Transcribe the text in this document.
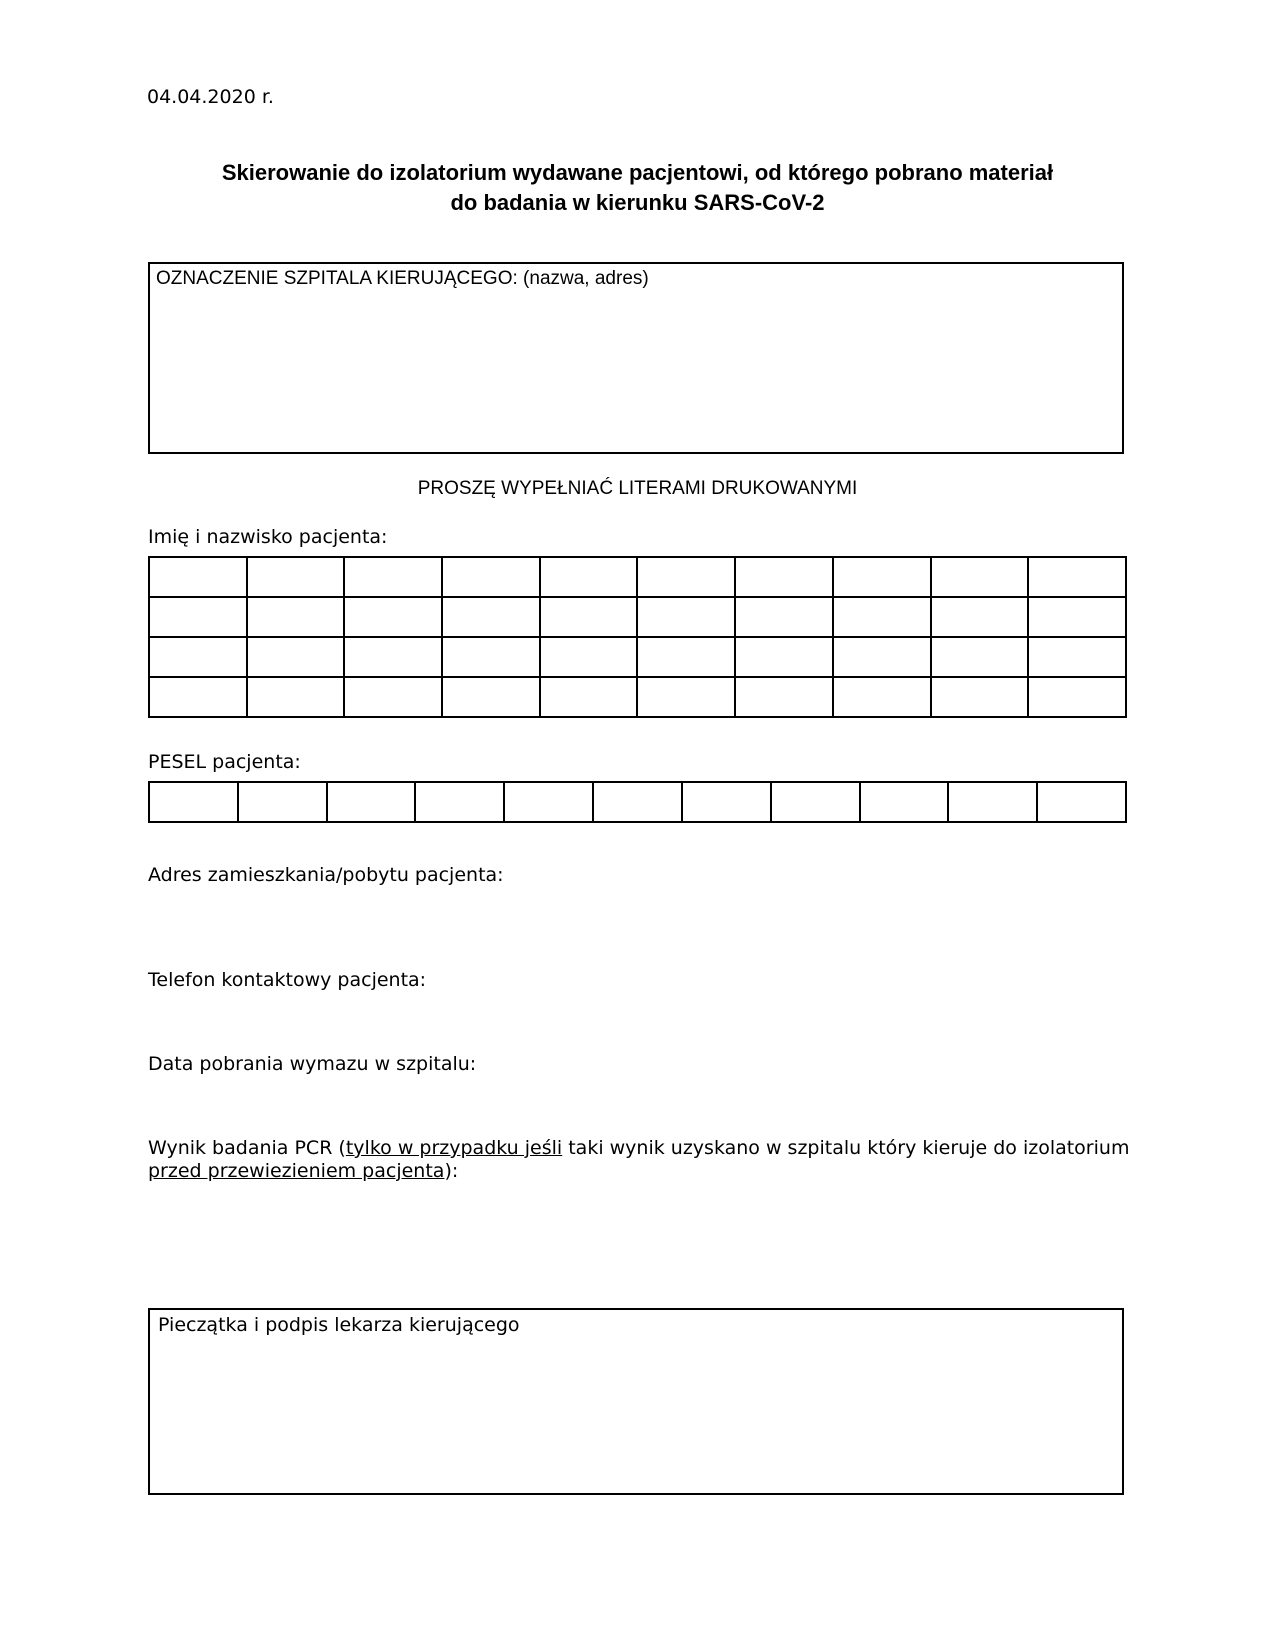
04.04.2020 r.
Skierowanie do izolatorium wydawane pacjentowi, od którego pobrano materiał
do badania w kierunku SARS-CoV-2
OZNACZENIE SZPITALA KIERUJĄCEGO: (nazwa, adres)
PROSZĘ WYPEŁNIAĆ LITERAMI DRUKOWANYMI
Imię i nazwisko pacjenta:

PESEL pacjenta:

Adres zamieszkania/pobytu pacjenta:
Telefon kontaktowy pacjenta:
Data pobrania wymazu w szpitalu:
Wynik badania PCR (tylko w przypadku jeśli taki wynik uzyskano w szpitalu który kieruje do izolatorium przed przewiezieniem pacjenta):
Pieczątka i podpis lekarza kierującego
